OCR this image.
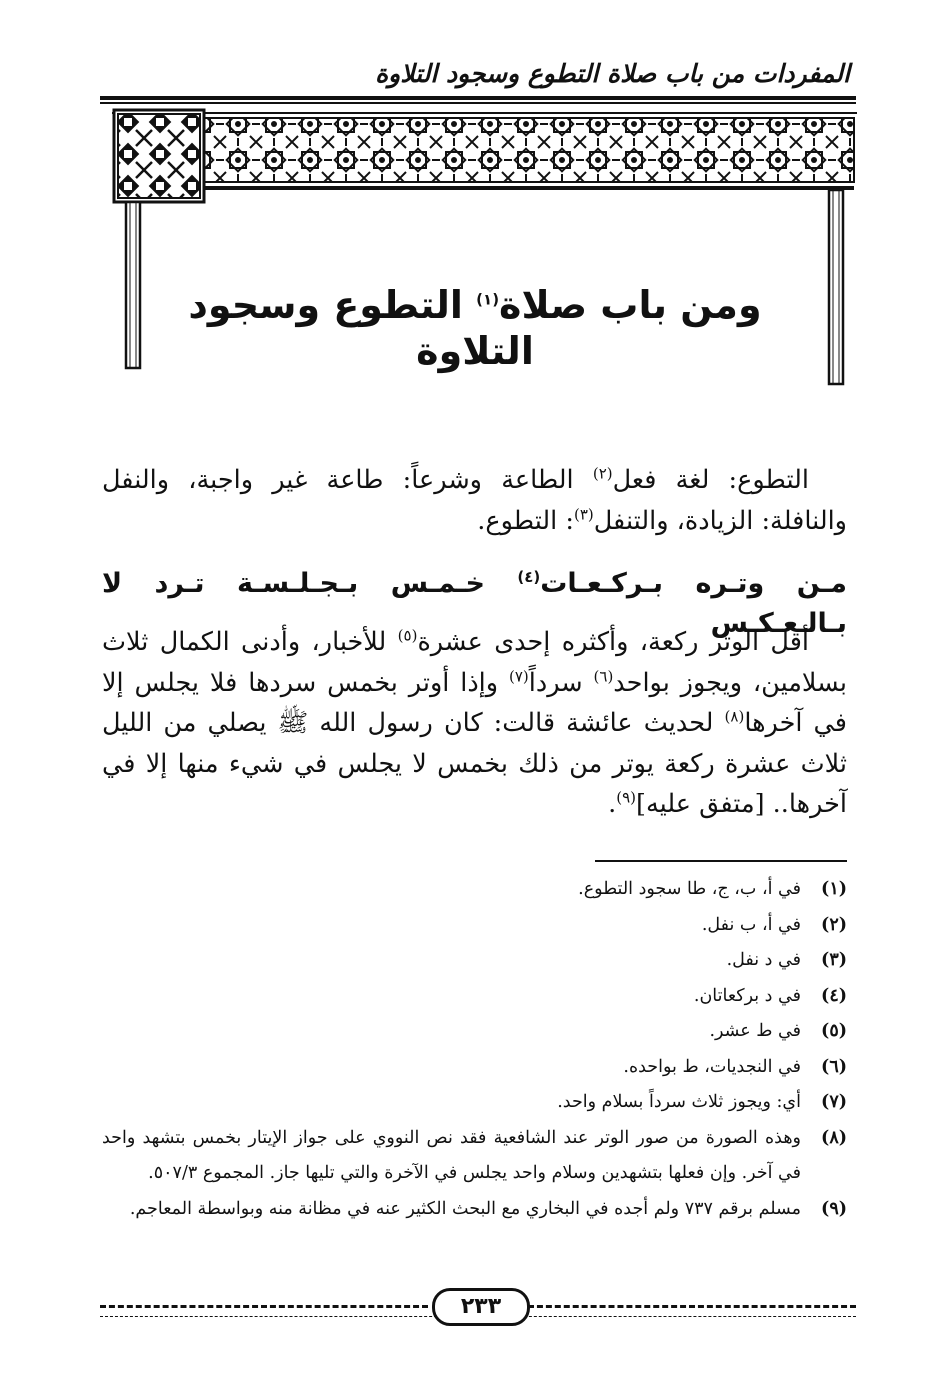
المفردات من باب صلاة التطوع وسجود التلاوة
ومن باب صلاة$^{(١)}$ التطوع وسجود التلاوة

التطوع: لغة فعل$^{(٢)}$ الطاعة وشرعاً: طاعة غير واجبة، والنفل والنافلة: الزيادة، والتنفل$^{(٣)}$: التطوع.

مـن وتـره بـركـعـات$^{(٤)}$ خـمـس بـجـلـسـة تـرد لا بـالـعـكـس

أقل الوتر ركعة، وأكثره إحدى عشرة$^{(٥)}$ للأخبار، وأدنى الكمال ثلاث بسلامين، ويجوز بواحد$^{(٦)}$ سرداً$^{(٧)}$ وإذا أوتر بخمس سردها فلا يجلس إلا في آخرها$^{(٨)}$ لحديث عائشة قالت: كان رسول الله ﷺ يصلي من الليل ثلاث عشرة ركعة يوتر من ذلك بخمس لا يجلس في شيء منها إلا في آخرها.. [متفق عليه]$^{(٩)}$.

(١)
في أ، ب، ج، طا سجود التطوع.
(٢)
في أ، ب نفل.
(٣)
في د نفل.
(٤)
في د بركعاتان.
(٥)
في ط عشر.
(٦)
في النجديات، ط بواحده.
(٧)
أي: ويجوز ثلاث سرداً بسلام واحد.
(٨)
وهذه الصورة من صور الوتر عند الشافعية فقد نص النووي على جواز الإيتار بخمس بتشهد واحد في آخر. وإن فعلها بتشهدين وسلام واحد يجلس في الآخرة والتي تليها جاز. المجموع ٥٠٧/٣.
(٩)
مسلم برقم ٧٣٧ ولم أجده في البخاري مع البحث الكثير عنه في مظانة منه وبواسطة المعاجم.
٢٣٣
